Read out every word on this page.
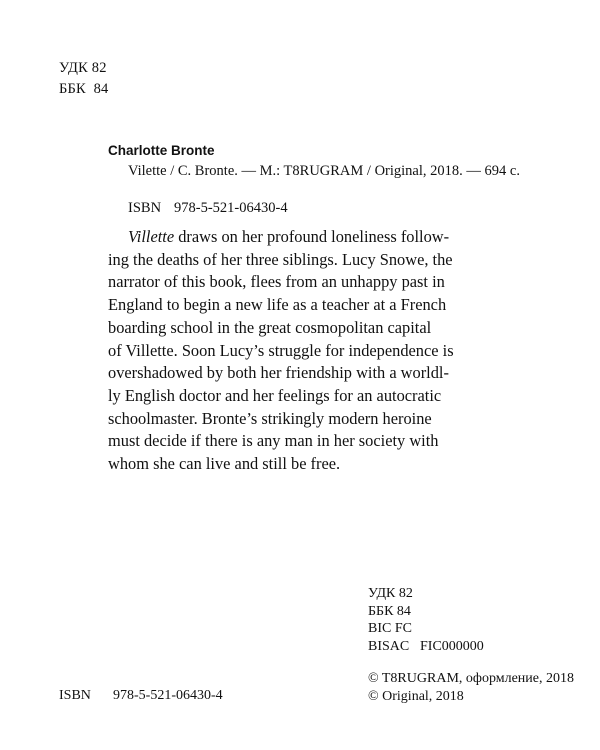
УДК 82
ББК  84
Charlotte Bronte
Vilette / C. Bronte. — M.: T8RUGRAM / Original, 2018. — 694 c.
ISBN 978-5-521-06430-4
Villette draws on her profound loneliness follow-
ing the deaths of her three siblings. Lucy Snowe, the
narrator of this book, flees from an unhappy past in
England to begin a new life as a teacher at a French
boarding school in the great cosmopolitan capital
of Villette. Soon Lucy’s struggle for independence is
overshadowed by both her friendship with a worldl-
ly English doctor and her feelings for an autocratic
schoolmaster. Bronte’s strikingly modern heroine
must decide if there is any man in her society with
whom she can live and still be free.
УДК 82
ББК 84
BIC FC
BISAC FIC000000
© T8RUGRAM, оформление, 2018
© Original, 2018
ISBN 978-5-521-06430-4
